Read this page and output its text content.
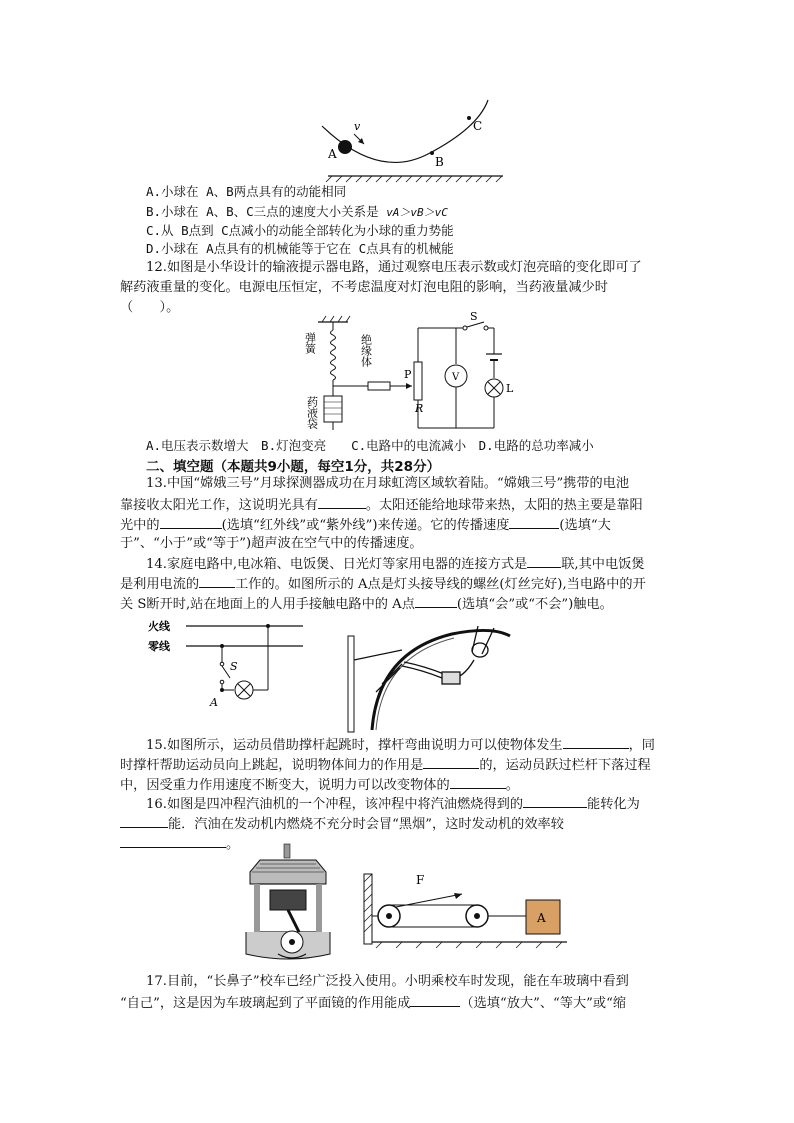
A
B
C
v
A.小球在 A、B两点具有的动能相同
B.小球在 A、B、C三点的速度大小关系是 vA＞vB＞vC
C.从 B点到 C点减小的动能全部转化为小球的重力势能
D.小球在 A点具有的机械能等于它在 C点具有的机械能
12.如图是小华设计的输液提示器电路，通过观察电压表示数或灯泡亮暗的变化即可了
解药液重量的变化。电源电压恒定，不考虑温度对灯泡电阻的影响，当药液量减少时
（　　）。
弹簧	绝缘体
药液袋
P
R
S
V
L
A.电压表示数增大　B.灯泡变亮　　C.电路中的电流减小　D.电路的总功率减小
二、填空题（本题共9小题，每空1分，共28分）
13.中国“嫦娥三号”月球探测器成功在月球虹湾区域软着陆。“嫦娥三号”携带的电池
靠接收太阳光工作，这说明光具有	。太阳还能给地球带来热，太阳的热主要是靠阳
光中的	(选填“红外线”或“紫外线”)来传递。它的传播速度	(选填“大
于”、“小于”或“等于”)超声波在空气中的传播速度。
14.家庭电路中,电冰箱、电饭煲、日光灯等家用电器的连接方式是	联,其中电饭煲
是利用电流的	工作的。如图所示的 A点是灯头接导线的螺丝(灯丝完好),当电路中的开
关 S断开时,站在地面上的人用手接触电路中的 A点	(选填“会”或“不会”)触电。
火线
零线
S
A
15.如图所示，运动员借助撑杆起跳时，撑杆弯曲说明力可以使物体发生	，同
时撑杆帮助运动员向上跳起，说明物体间力的作用是	的，运动员跃过栏杆下落过程
中，因受重力作用速度不断变大，说明力可以改变物体的	。
16.如图是四冲程汽油机的一个冲程，该冲程中将汽油燃烧得到的	能转化为
能．汽油在发动机内燃烧不充分时会冒“黑烟”，这时发动机的效率较
。
F
A
17.目前，“长鼻子”校车已经广泛投入使用。小明乘校车时发现，能在车玻璃中看到
“自己”，这是因为车玻璃起到了平面镜的作用能成	（选填“放大”、“等大”或“缩
